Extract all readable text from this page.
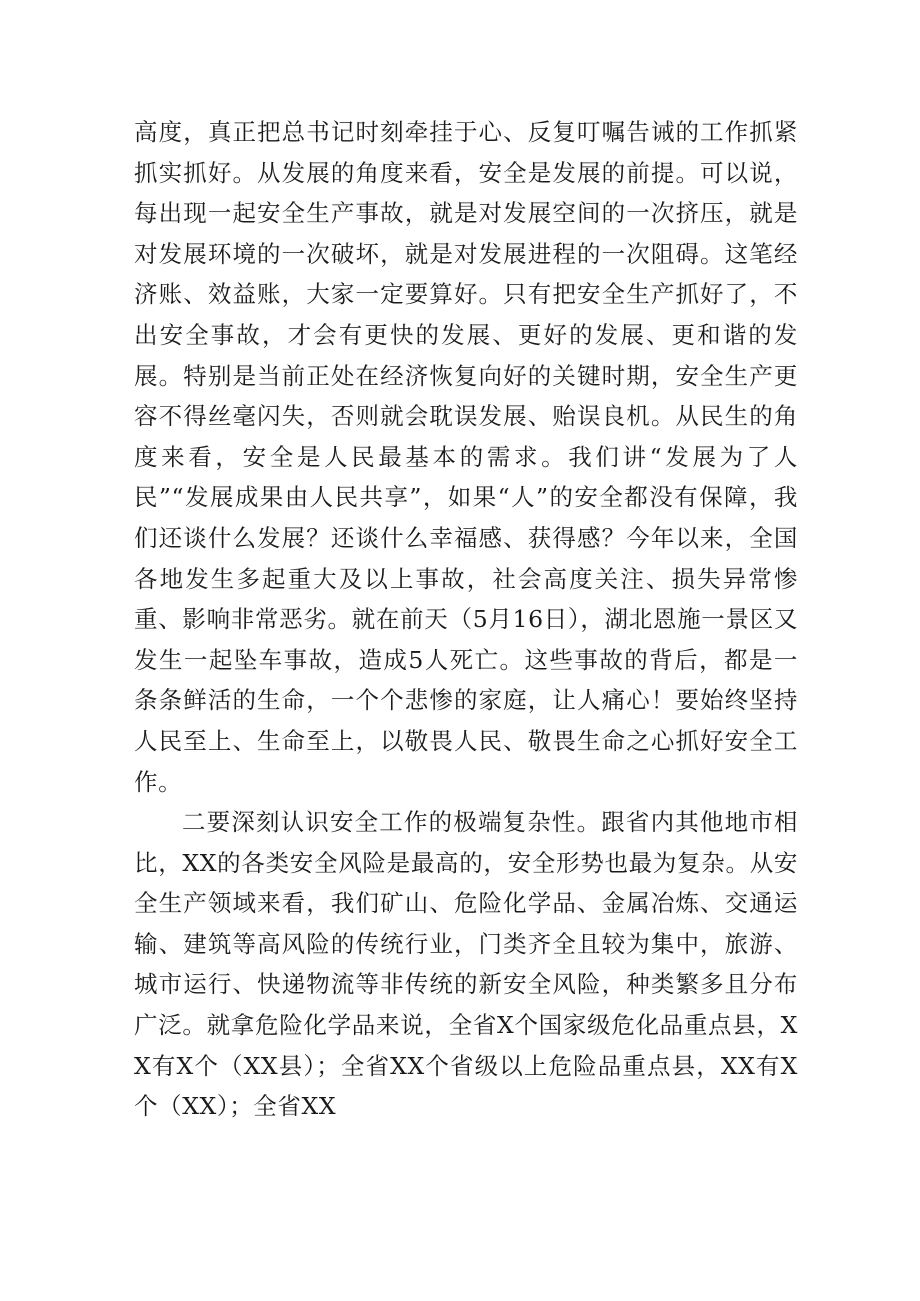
高度，真正把总书记时刻牵挂于心、反复叮嘱告诫的工作抓紧抓实抓好。从发展的角度来看，安全是发展的前提。可以说，每出现一起安全生产事故，就是对发展空间的一次挤压，就是对发展环境的一次破坏，就是对发展进程的一次阻碍。这笔经济账、效益账，大家一定要算好。只有把安全生产抓好了，不出安全事故，才会有更快的发展、更好的发展、更和谐的发展。特别是当前正处在经济恢复向好的关键时期，安全生产更容不得丝毫闪失，否则就会耽误发展、贻误良机。从民生的角度来看，安全是人民最基本的需求。我们讲“发展为了人民”“发展成果由人民共享”，如果“人”的安全都没有保障，我们还谈什么发展？还谈什么幸福感、获得感？今年以来，全国各地发生多起重大及以上事故，社会高度关注、损失异常惨重、影响非常恶劣。就在前天（5月16日），湖北恩施一景区又发生一起坠车事故，造成5人死亡。这些事故的背后，都是一条条鲜活的生命，一个个悲惨的家庭，让人痛心！要始终坚持人民至上、生命至上，以敬畏人民、敬畏生命之心抓好安全工作。

二要深刻认识安全工作的极端复杂性。跟省内其他地市相比，XX的各类安全风险是最高的，安全形势也最为复杂。从安全生产领域来看，我们矿山、危险化学品、金属冶炼、交通运输、建筑等高风险的传统行业，门类齐全且较为集中，旅游、城市运行、快递物流等非传统的新安全风险，种类繁多且分布广泛。就拿危险化学品来说，全省X个国家级危化品重点县，XX有X个（XX县）；全省XX个省级以上危险品重点县，XX有X个（XX）；全省XX
